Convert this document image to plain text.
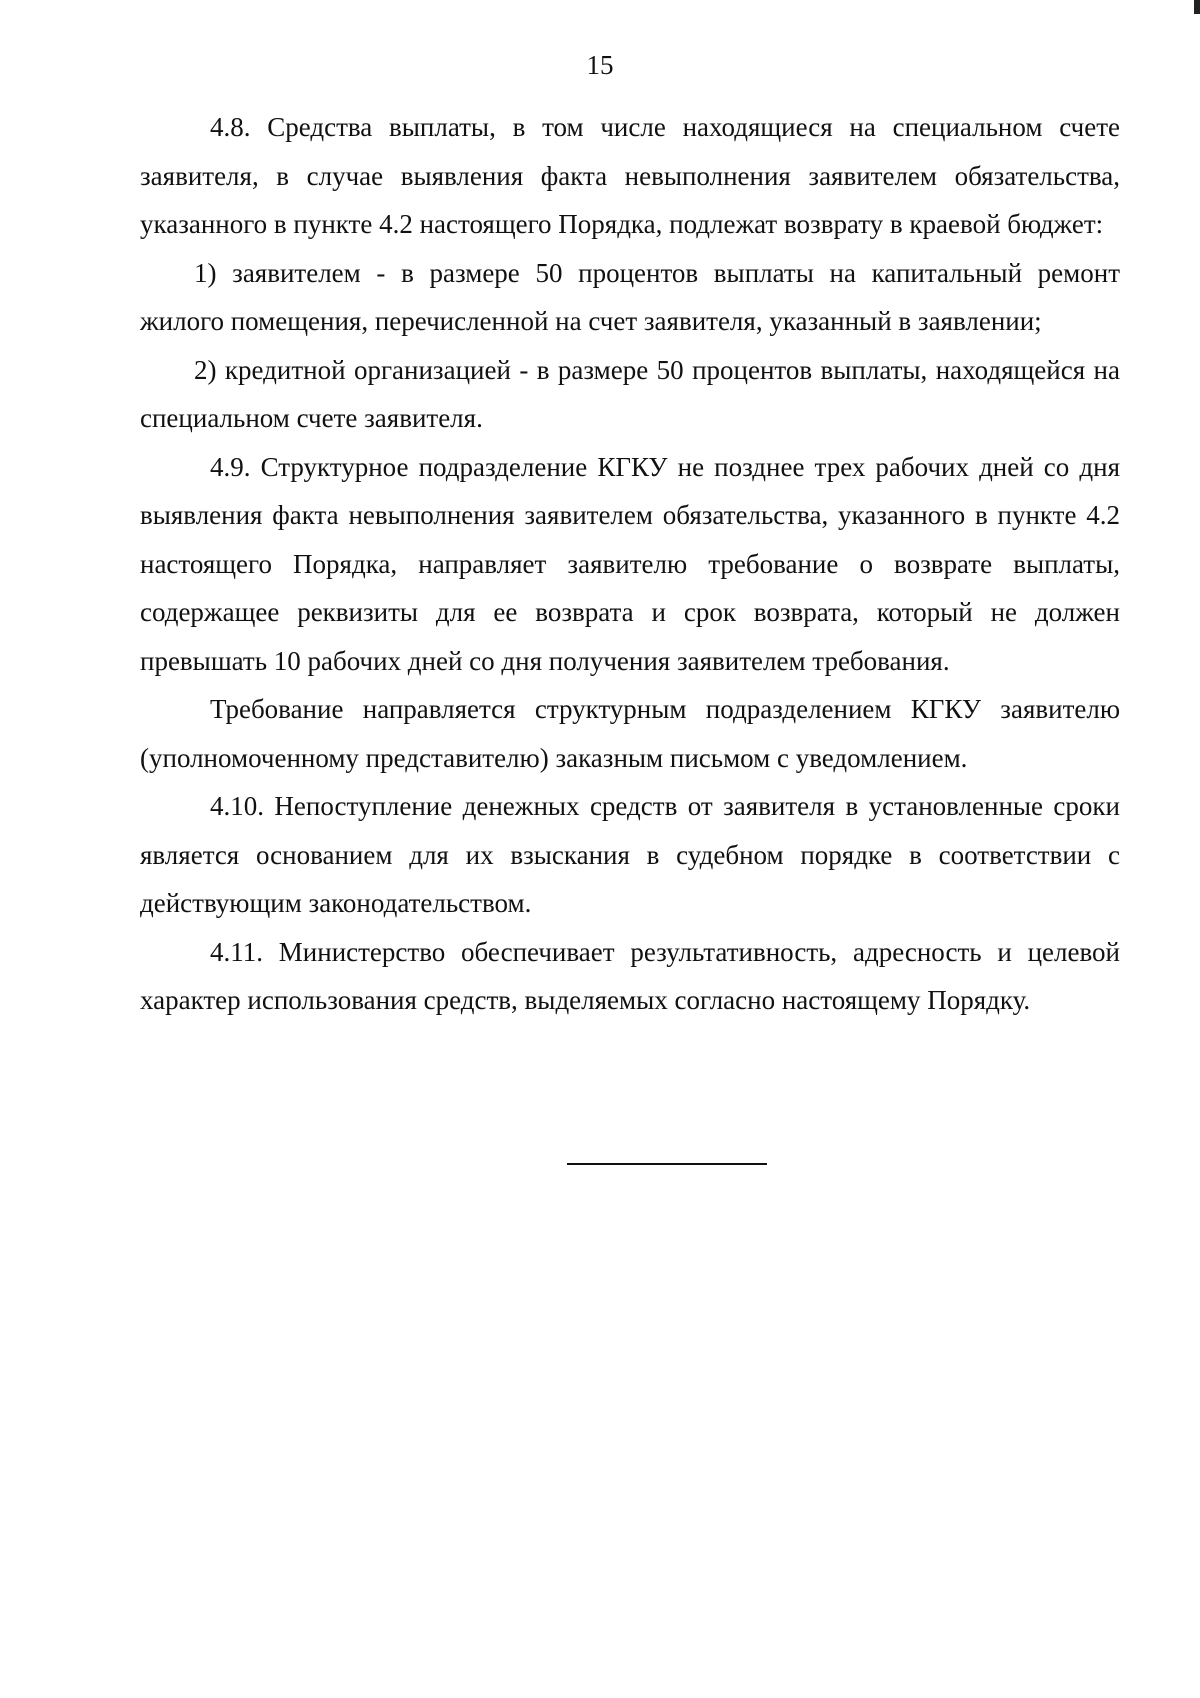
15

4.8. Средства выплаты, в том числе находящиеся на специальном счете заявителя, в случае выявления факта невыполнения заявителем обязательства, указанного в пункте 4.2 настоящего Порядка, подлежат возврату в краевой бюджет:

1) заявителем - в размере 50 процентов выплаты на капитальный ремонт жилого помещения, перечисленной на счет заявителя, указанный в заявлении;

2) кредитной организацией - в размере 50 процентов выплаты, находящейся на специальном счете заявителя.

4.9. Структурное подразделение КГКУ не позднее трех рабочих дней со дня выявления факта невыполнения заявителем обязательства, указанного в пункте 4.2 настоящего Порядка, направляет заявителю требование о возврате выплаты, содержащее реквизиты для ее возврата и срок возврата, который не должен превышать 10 рабочих дней со дня получения заявителем требования.

Требование направляется структурным подразделением КГКУ заявителю (уполномоченному представителю) заказным письмом с уведомлением.

4.10. Непоступление денежных средств от заявителя в установленные сроки является основанием для их взыскания в судебном порядке в соответствии с действующим законодательством.

4.11. Министерство обеспечивает результативность, адресность и целевой характер использования средств, выделяемых согласно настоящему Порядку.
